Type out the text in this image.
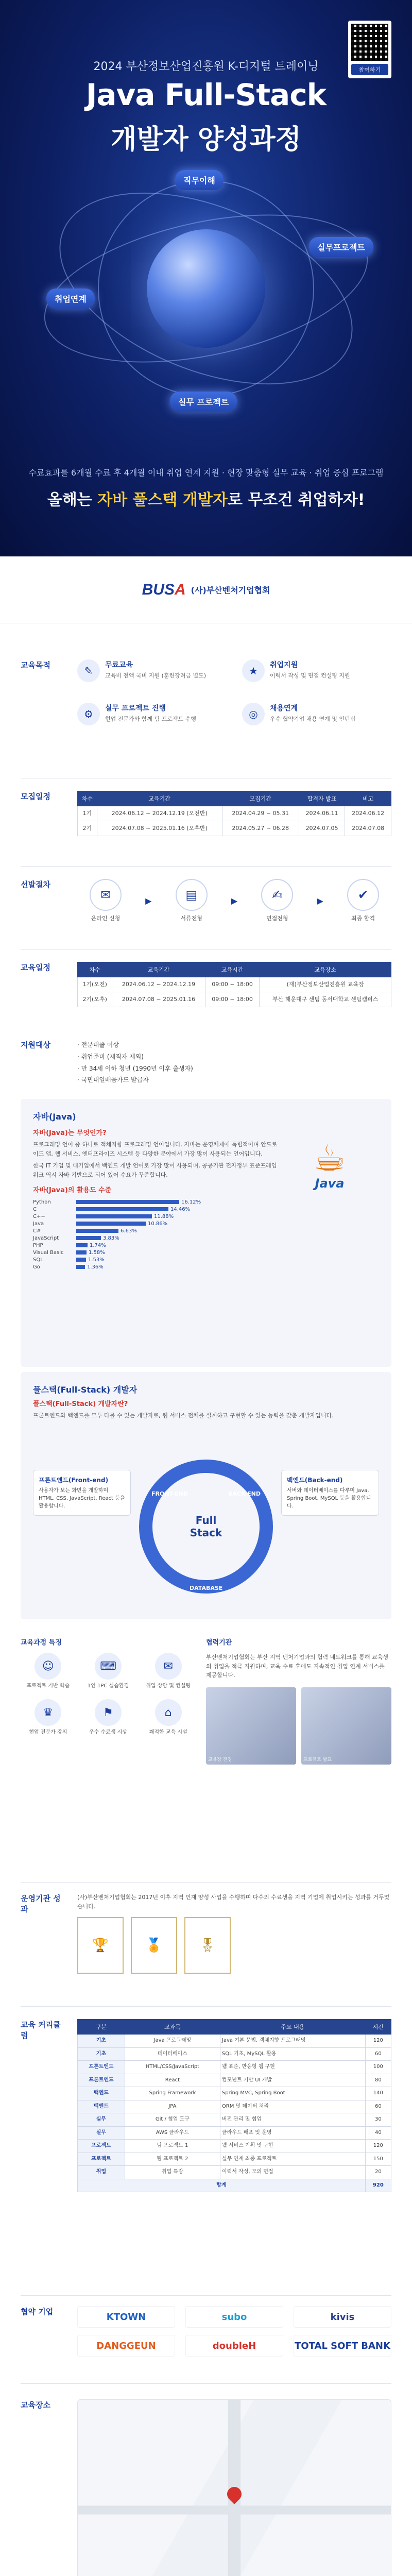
참여하기
2024 부산정보산업진흥원 K-디지털 트레이닝
Java Full-Stack
개발자 양성과정
직무이해
실무프로젝트
취업연계
실무 프로젝트
수료효과를 6개월 수료 후 4개월 이내 취업 연계 지원 · 현장 맞춤형 실무 교육 · 취업 중심 프로그램
올해는 자바 풀스택 개발자로 무조건 취업하자!
BUSA (사)부산벤처기업협회
교육목적	✎	무료교육
교육비 전액 국비 지원 (훈련장려금 별도)	★	취업지원
이력서 작성 및 면접 컨설팅 지원
⚙	실무 프로젝트 진행
현업 전문가와 함께 팀 프로젝트 수행	◎	채용연계
우수 협약기업 채용 연계 및 인턴십
모집일정	차수	교육기간	모집기간	합격자 발표	비고
1기	2024.06.12 ~ 2024.12.19 (오전반)	2024.04.29 ~ 05.31	2024.06.11	2024.06.12
2기	2024.07.08 ~ 2025.01.16 (오후반)	2024.05.27 ~ 06.28	2024.07.05	2024.07.08
선발절차
✉
온라인 신청
▶	▤
서류전형
▶	✍
면접전형
▶	✔
최종 합격
교육일정	차수	교육기간	교육시간	교육장소
1기(오전)	2024.06.12 ~ 2024.12.19	09:00 ~ 18:00	(재)부산정보산업진흥원 교육장
2기(오후)	2024.07.08 ~ 2025.01.16	09:00 ~ 18:00	부산 해운대구 센텀 동서대학교 센텀캠퍼스
지원대상	· 전문대졸 이상
· 취업준비 (재직자 제외)
· 만 34세 이하 청년 (1990년 이후 출생자)
· 국민내일배움카드 발급자
자바(Java)
자바(Java)는 무엇인가?

프로그래밍 언어 중 하나로 객체지향 프로그래밍 언어입니다. 자바는 운영체제에 독립적이며 안드로이드 앱, 웹 서비스, 엔터프라이즈 시스템 등 다양한 분야에서 가장 많이 사용되는 언어입니다.

한국 IT 기업 및 대기업에서 백엔드 개발 언어로 가장 많이 사용되며, 공공기관 전자정부 표준프레임워크 역시 자바 기반으로 되어 있어 수요가 꾸준합니다.

자바(Java)의 활용도 수준
Python	16.12%
C	14.46%
C++	11.88%
Java	10.86%
C#	6.63%
JavaScript	3.83%
PHP	1.74%
Visual Basic	1.58%
SQL	1.53%
Go	1.36%
☕
Java
풀스택(Full-Stack) 개발자
풀스택(Full-Stack) 개발자란?

프론트엔드와 백엔드를 모두 다룰 수 있는 개발자로, 웹 서비스 전체를 설계하고 구현할 수 있는 능력을 갖춘 개발자입니다.

Full
Stack
FRONT-END	BACK-END
DATABASE
프론트엔드(Front-end)
사용자가 보는 화면을 개발하며 HTML, CSS, JavaScript, React 등을 활용합니다.
백엔드(Back-end)
서버와 데이터베이스를 다루며 Java, Spring Boot, MySQL 등을 활용합니다.
교육과정 특징
☺
프로젝트 기반 학습
⌨
1인 1PC 실습환경
✉
취업 상담 및 컨설팅
♛
현업 전문가 강의
⚑
우수 수료생 시상
⌂
쾌적한 교육 시설
협력기관

부산벤처기업협회는 부산 지역 벤처기업과의 협력 네트워크를 통해 교육생의 취업을 적극 지원하며, 교육 수료 후에도 지속적인 취업 연계 서비스를 제공합니다.

교육장 전경	프로젝트 발표
운영기관 성과

(사)부산벤처기업협회는 2017년 이후 지역 인재 양성 사업을 수행하며 다수의 수료생을 지역 기업에 취업시키는 성과를 거두었습니다.

🏆	🏅	🎖
교육 커리큘럼
구분	교과목	주요 내용	시간
기초	Java 프로그래밍	Java 기본 문법, 객체지향 프로그래밍	120
기초	데이터베이스	SQL 기초, MySQL 활용	60
프론트엔드	HTML/CSS/JavaScript	웹 표준, 반응형 웹 구현	100
프론트엔드	React	컴포넌트 기반 UI 개발	80
백엔드	Spring Framework	Spring MVC, Spring Boot	140
백엔드	JPA	ORM 및 데이터 처리	60
실무	Git / 협업 도구	버전 관리 및 협업	30
실무	AWS 클라우드	클라우드 배포 및 운영	40
프로젝트	팀 프로젝트 1	웹 서비스 기획 및 구현	120
프로젝트	팀 프로젝트 2	실무 연계 최종 프로젝트	150
취업	취업 특강	이력서 작성, 모의 면접	20
합계			920
협약 기업	KTOWN	subo	kivis
DANGGEUN	doubleH	TOTAL SOFT BANK
교육장소
